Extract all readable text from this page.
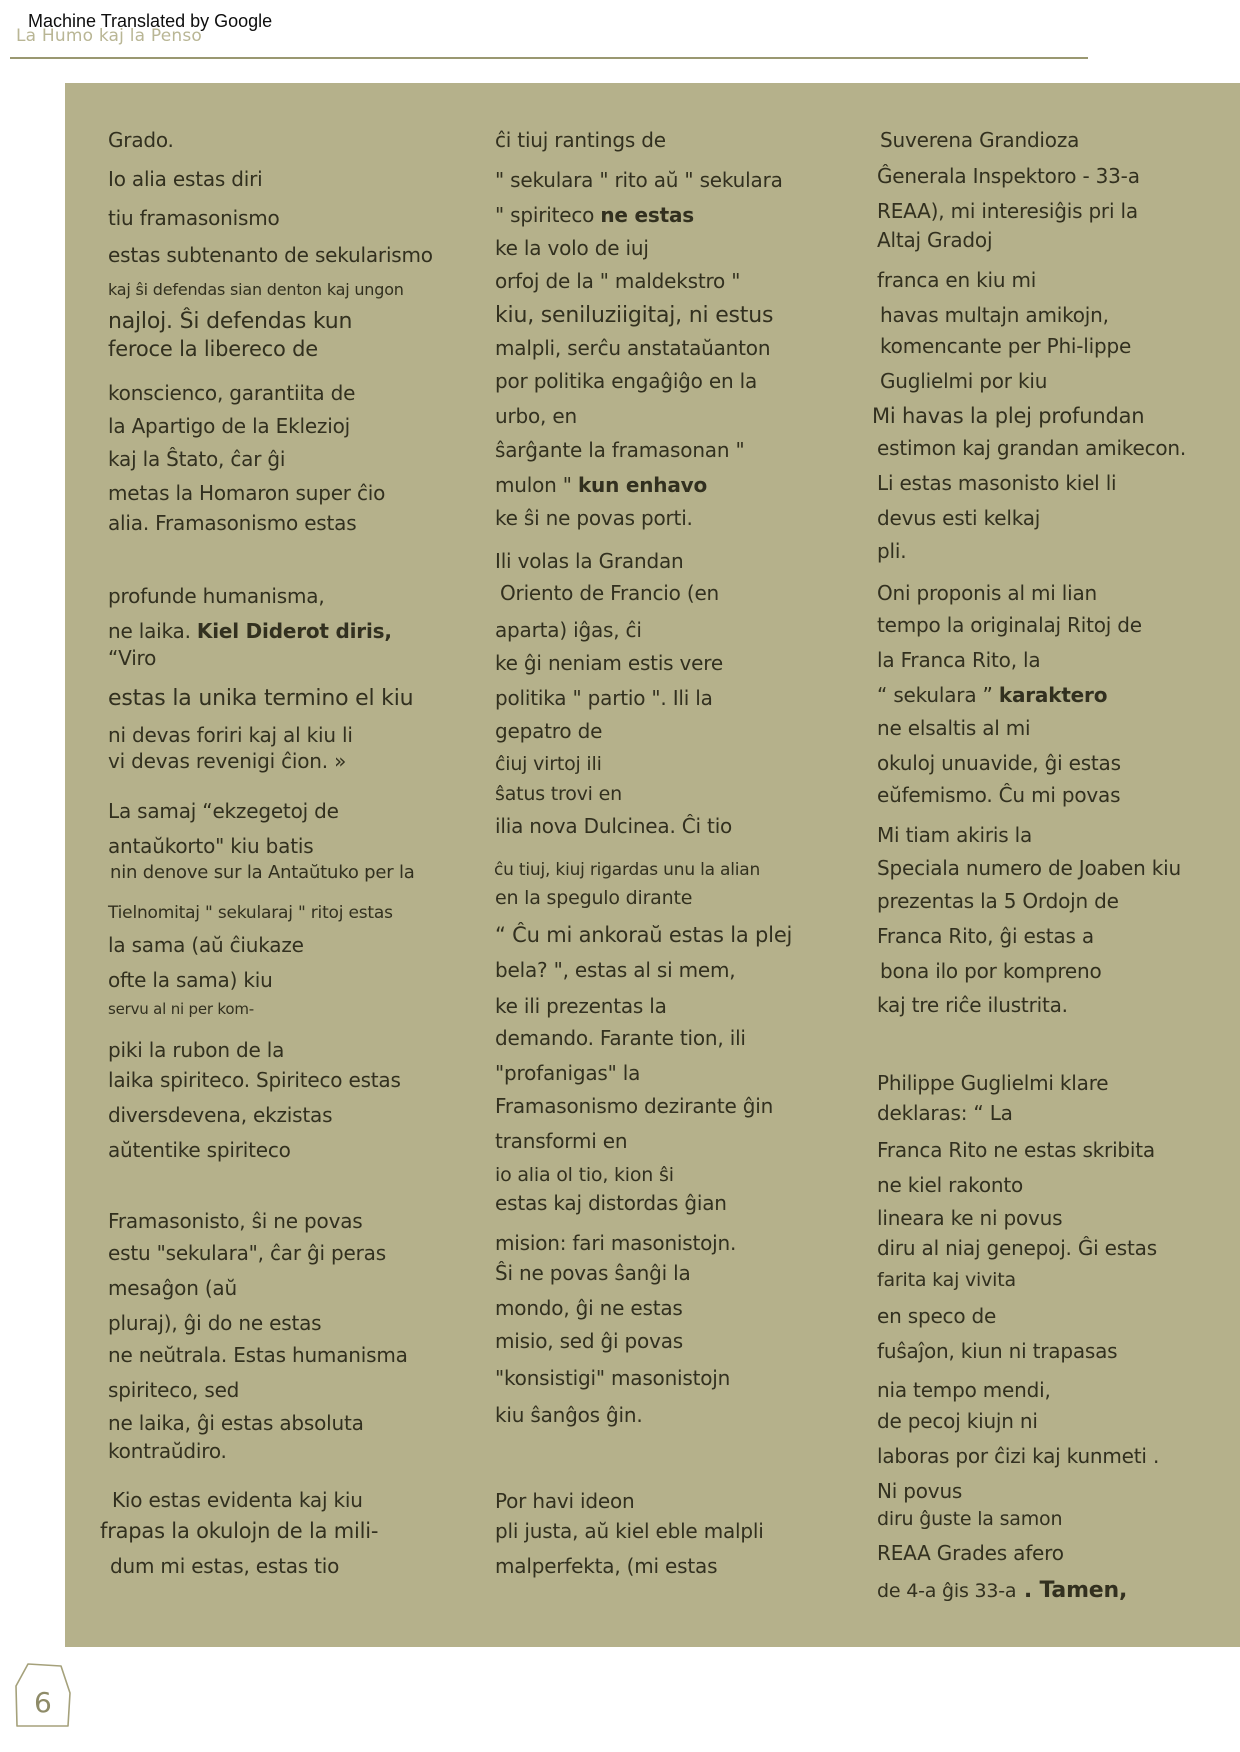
La Humo kaj la Penso
Machine Translated by Google
Grado.
Io alia estas diri
tiu framasonismo
estas subtenanto de sekularismo
kaj ŝi defendas sian denton kaj ungon
najloj. Ŝi defendas kun
feroce la libereco de
konscienco, garantiita de
la Apartigo de la Eklezioj
kaj la Ŝtato, ĉar ĝi
metas la Homaron super ĉio
alia. Framasonismo estas
profunde humanisma,
ne laika. Kiel Diderot diris,
“Viro
estas la unika termino el kiu
ni devas foriri kaj al kiu li
vi devas revenigi ĉion. »
La samaj “ekzegetoj de
antaŭkorto" kiu batis
nin denove sur la Antaŭtuko per la
Tielnomitaj " sekularaj " ritoj estas
la sama (aŭ ĉiukaze
ofte la sama) kiu
servu al ni per kom-
piki la rubon de la
laika spiriteco. Spiriteco estas
diversdevena, ekzistas
aŭtentike spiriteco
Framasonisto, ŝi ne povas
estu "sekulara", ĉar ĝi peras
mesaĝon (aŭ
pluraj), ĝi do ne estas
ne neŭtrala. Estas humanisma
spiriteco, sed
ne laika, ĝi estas absoluta
kontraŭdiro.
Kio estas evidenta kaj kiu
frapas la okulojn de la mili-
dum mi estas, estas tio
ĉi tiuj rantings de
" sekulara " rito aŭ " sekulara
" spiriteco ne estas
ke la volo de iuj
orfoj de la " maldekstro "
kiu, seniluziigitaj, ni estus
malpli, serĉu anstataŭanton
por politika engaĝiĝo en la
urbo, en
ŝarĝante la framasonan "
mulon " kun enhavo
ke ŝi ne povas porti.
Ili volas la Grandan
Oriento de Francio (en
aparta) iĝas, ĉi
ke ĝi neniam estis vere
politika " partio ". Ili la
gepatro de
ĉiuj virtoj ili
ŝatus trovi en
ilia nova Dulcinea. Ĉi tio
ĉu tiuj, kiuj rigardas unu la alian
en la spegulo dirante
“ Ĉu mi ankoraŭ estas la plej
bela? ", estas al si mem,
ke ili prezentas la
demando. Farante tion, ili
"profanigas" la
Framasonismo dezirante ĝin
transformi en
io alia ol tio, kion ŝi
estas kaj distordas ĝian
mision: fari masonistojn.
Ŝi ne povas ŝanĝi la
mondo, ĝi ne estas
misio, sed ĝi povas
"konsistigi" masonistojn
kiu ŝanĝos ĝin.
Por havi ideon
pli justa, aŭ kiel eble malpli
malperfekta, (mi estas
Suverena Grandioza
Ĝenerala Inspektoro - 33-a
REAA), mi interesiĝis pri la
Altaj Gradoj
franca en kiu mi
havas multajn amikojn,
komencante per Phi-lippe
Guglielmi por kiu
Mi havas la plej profundan
estimon kaj grandan amikecon.
Li estas masonisto kiel li
devus esti kelkaj
pli.
Oni proponis al mi lian
tempo la originalaj Ritoj de
la Franca Rito, la
“ sekulara ” karaktero
ne elsaltis al mi
okuloj unuavide, ĝi estas
eŭfemismo. Ĉu mi povas
Mi tiam akiris la
Speciala numero de Joaben kiu
prezentas la 5 Ordojn de
Franca Rito, ĝi estas a
bona ilo por kompreno
kaj tre riĉe ilustrita.
Philippe Guglielmi klare
deklaras: “ La
Franca Rito ne estas skribita
ne kiel rakonto
lineara ke ni povus
diru al niaj genepoj. Ĝi estas
farita kaj vivita
en speco de
fuŝaĵon, kiun ni trapasas
nia tempo mendi,
de pecoj kiujn ni
laboras por ĉizi kaj kunmeti .
Ni povus
diru ĝuste la samon
REAA Grades afero
de 4-a ĝis 33-a . Tamen,
6
